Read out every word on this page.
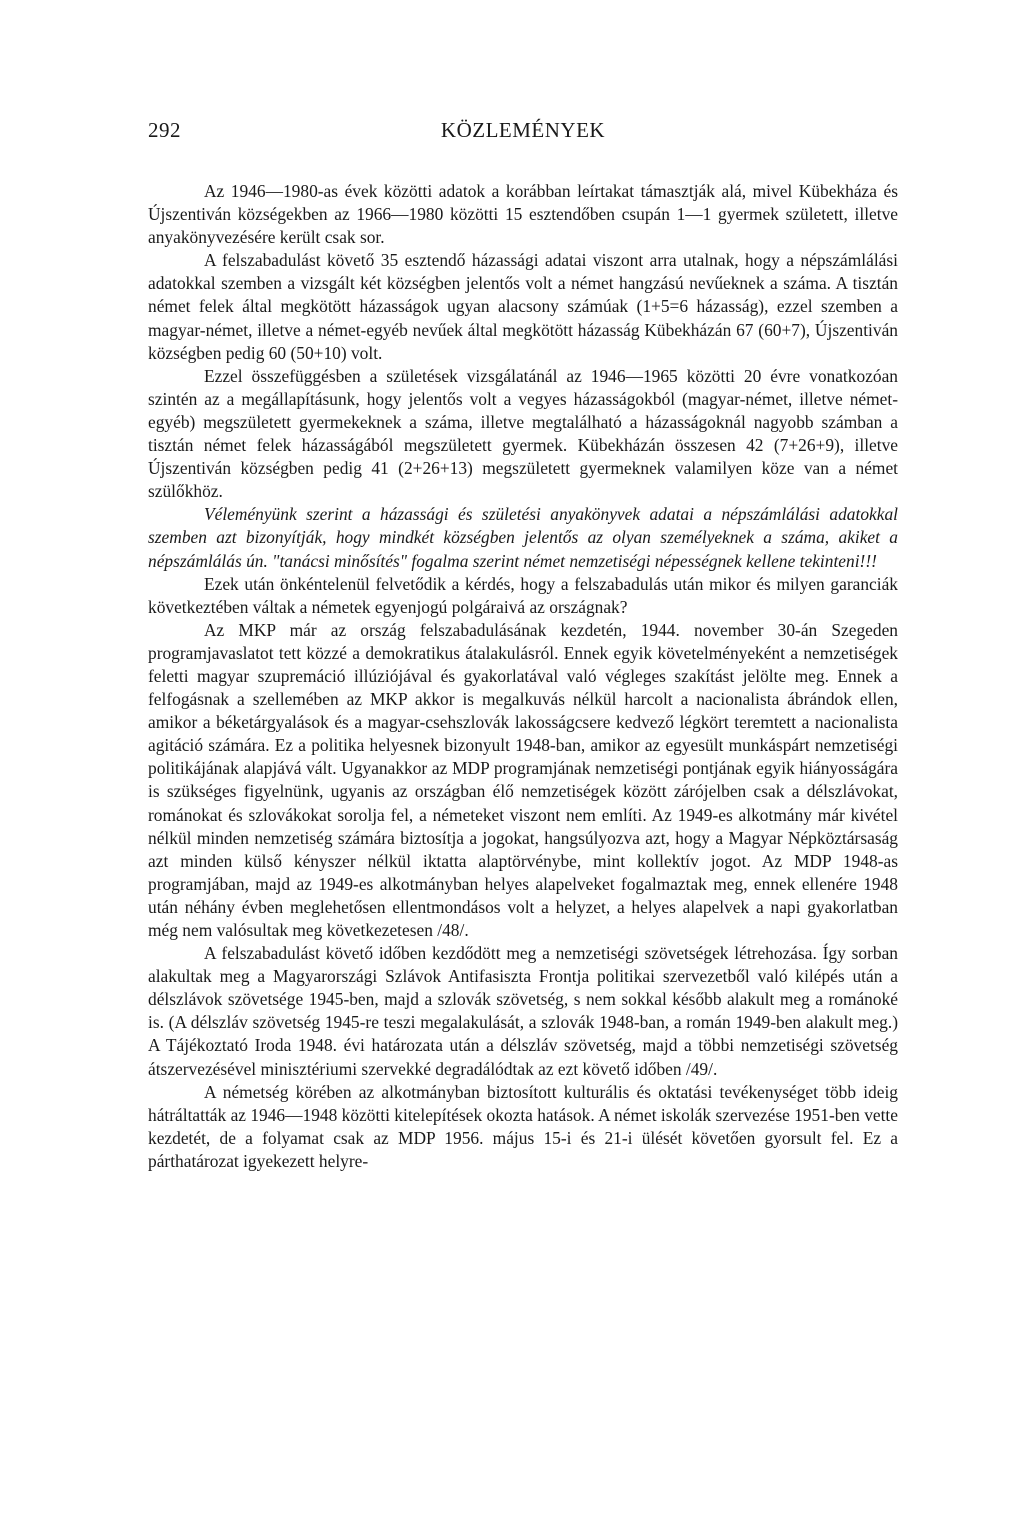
292	KÖZLEMÉNYEK

Az 1946—1980-as évek közötti adatok a korábban leírtakat támasztják alá, mivel Kübekháza és Újszentiván községekben az 1966—1980 közötti 15 esztendőben csupán 1—1 gyermek született, illetve anyakönyvezésére került csak sor.

A felszabadulást követő 35 esztendő házassági adatai viszont arra utalnak, hogy a népszámlálási adatokkal szemben a vizsgált két községben jelentős volt a német hangzású nevűeknek a száma. A tisztán német felek által megkötött házasságok ugyan alacsony számúak (1+5=6 házasság), ezzel szemben a magyar-német, illetve a német-egyéb nevűek által megkötött házasság Kübekházán 67 (60+7), Újszentiván községben pedig 60 (50+10) volt.

Ezzel összefüggésben a születések vizsgálatánál az 1946—1965 közötti 20 évre vonatkozóan szintén az a megállapításunk, hogy jelentős volt a vegyes házasságokból (magyar-német, illetve német-egyéb) megszületett gyermekeknek a száma, illetve megtalálható a házasságoknál nagyobb számban a tisztán német felek házasságából megszületett gyermek. Kübekházán összesen 42 (7+26+9), illetve Újszentiván községben pedig 41 (2+26+13) megszületett gyermeknek valamilyen köze van a német szülőkhöz.

Véleményünk szerint a házassági és születési anyakönyvek adatai a népszámlálási adatokkal szemben azt bizonyítják, hogy mindkét községben jelentős az olyan személyeknek a száma, akiket a népszámlálás ún. "tanácsi minősítés" fogalma szerint német nemzetiségi népességnek kellene tekinteni!!!

Ezek után önkéntelenül felvetődik a kérdés, hogy a felszabadulás után mikor és milyen garanciák következtében váltak a németek egyenjogú polgáraivá az országnak?

Az MKP már az ország felszabadulásának kezdetén, 1944. november 30-án Szegeden programjavaslatot tett közzé a demokratikus átalakulásról. Ennek egyik követelményeként a nemzetiségek feletti magyar szupremáció illúziójával és gyakorlatával való végleges szakítást jelölte meg. Ennek a felfogásnak a szellemében az MKP akkor is megalkuvás nélkül harcolt a nacionalista ábrándok ellen, amikor a béketárgyalások és a magyar-csehszlovák lakosságcsere kedvező légkört teremtett a nacionalista agitáció számára. Ez a politika helyesnek bizonyult 1948-ban, amikor az egyesült munkáspárt nemzetiségi politikájának alapjává vált. Ugyanakkor az MDP programjának nemzetiségi pontjának egyik hiányosságára is szükséges figyelnünk, ugyanis az országban élő nemzetiségek között zárójelben csak a délszlávokat, románokat és szlovákokat sorolja fel, a németeket viszont nem említi. Az 1949-es alkotmány már kivétel nélkül minden nemzetiség számára biztosítja a jogokat, hangsúlyozva azt, hogy a Magyar Népköztársaság azt minden külső kényszer nélkül iktatta alaptörvénybe, mint kollektív jogot. Az MDP 1948-as programjában, majd az 1949-es alkotmányban helyes alapelveket fogalmaztak meg, ennek ellenére 1948 után néhány évben meglehetősen ellentmondásos volt a helyzet, a helyes alapelvek a napi gyakorlatban még nem valósultak meg következetesen /48/.

A felszabadulást követő időben kezdődött meg a nemzetiségi szövetségek létrehozása. Így sorban alakultak meg a Magyarországi Szlávok Antifasiszta Frontja politikai szervezetből való kilépés után a délszlávok szövetsége 1945-ben, majd a szlovák szövetség, s nem sokkal később alakult meg a románoké is. (A délszláv szövetség 1945-re teszi megalakulását, a szlovák 1948-ban, a román 1949-ben alakult meg.) A Tájékoztató Iroda 1948. évi határozata után a délszláv szövetség, majd a többi nemzetiségi szövetség átszervezésével minisztériumi szervekké degradálódtak az ezt követő időben /49/.

A németség körében az alkotmányban biztosított kulturális és oktatási tevékenységet több ideig hátráltatták az 1946—1948 közötti kitelepítések okozta hatások. A német iskolák szervezése 1951-ben vette kezdetét, de a folyamat csak az MDP 1956. május 15-i és 21-i ülését követően gyorsult fel. Ez a párthatározat igyekezett helyre-
